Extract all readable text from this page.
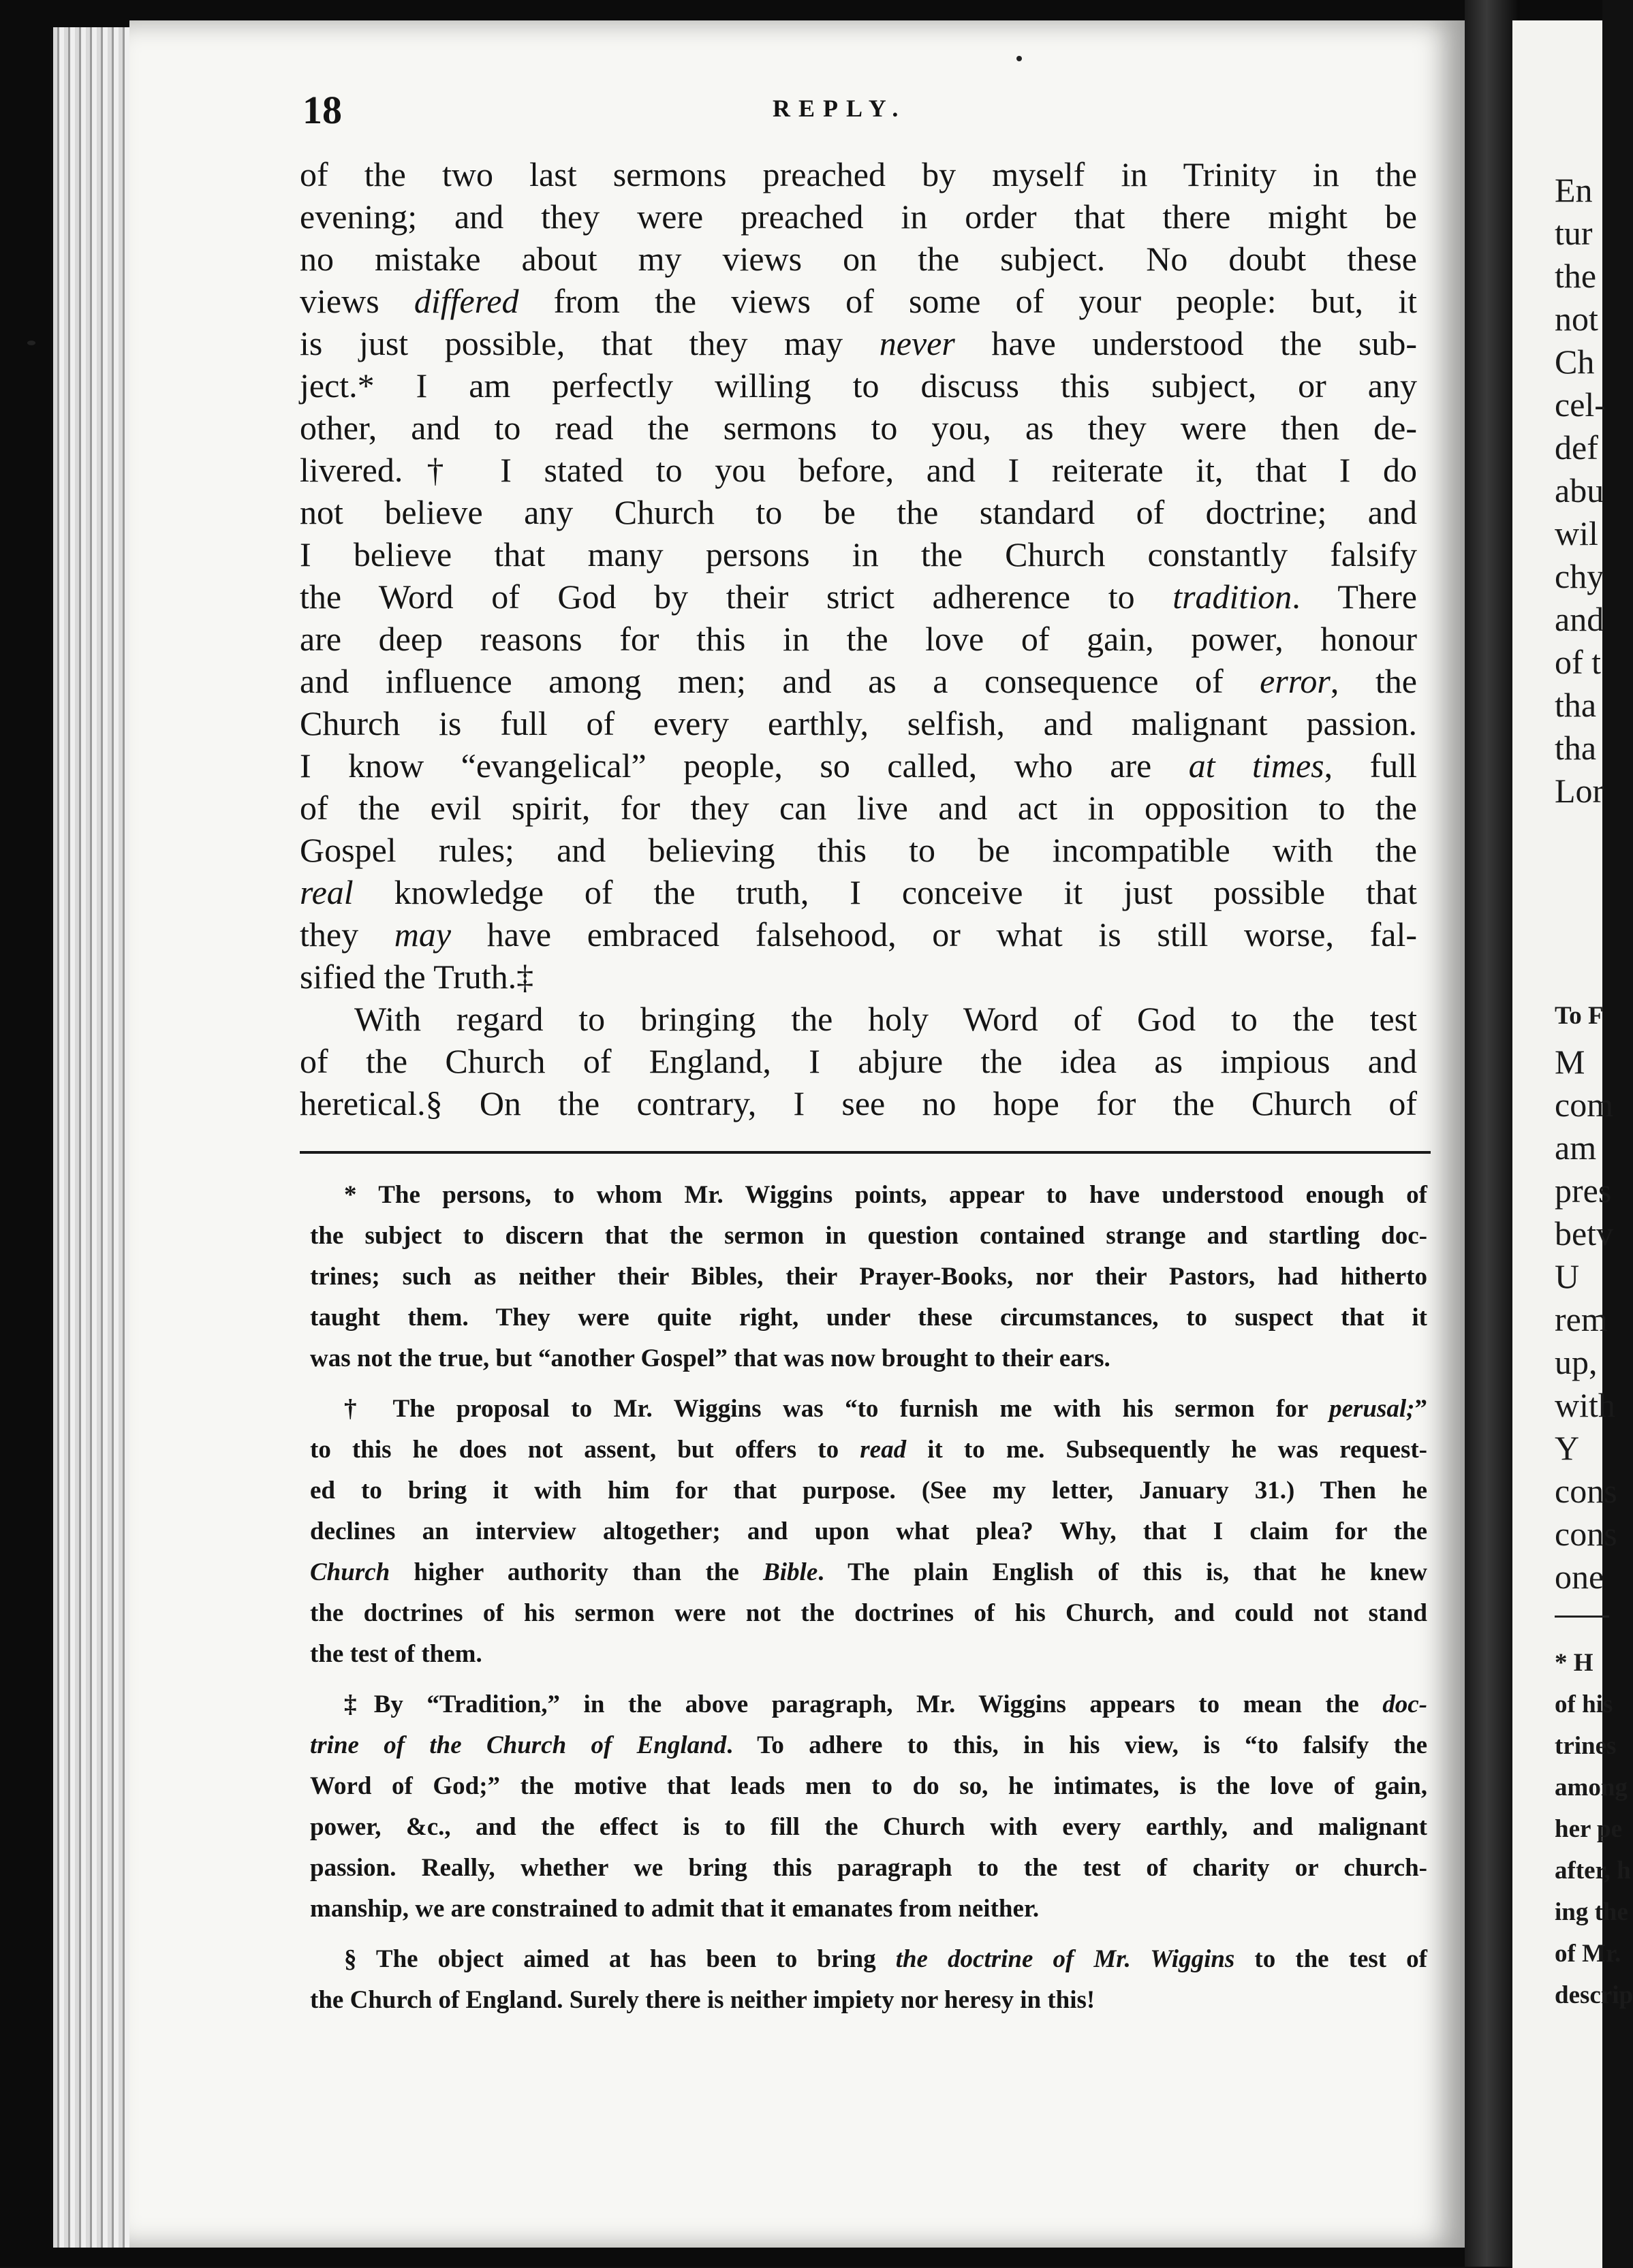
18	REPLY.
of the two last sermons preached by myself in Trinity in the
evening; and they were preached in order that there might be
no mistake about my views on the subject. No doubt these
views differed from the views of some of your people: but, it
is just possible, that they may never have understood the sub-
ject.* I am perfectly willing to discuss this subject, or any
other, and to read the sermons to you, as they were then de-
livered.† I stated to you before, and I reiterate it, that I do
not believe any Church to be the standard of doctrine; and
I believe that many persons in the Church constantly falsify
the Word of God by their strict adherence to tradition. There
are deep reasons for this in the love of gain, power, honour
and influence among men; and as a consequence of error, the
Church is full of every earthly, selfish, and malignant passion.
I know “evangelical” people, so called, who are at times, full
of the evil spirit, for they can live and act in opposition to the
Gospel rules; and believing this to be incompatible with the
real knowledge of the truth, I conceive it just possible that
they may have embraced falsehood, or what is still worse, fal-
sified the Truth.‡
With regard to bringing the holy Word of God to the test
of the Church of England, I abjure the idea as impious and
heretical.§ On the contrary, I see no hope for the Church of
* The persons, to whom Mr. Wiggins points, appear to have understood enough of
the subject to discern that the sermon in question contained strange and startling doc-
trines; such as neither their Bibles, their Prayer-Books, nor their Pastors, had hitherto
taught them. They were quite right, under these circumstances, to suspect that it
was not the true, but “another Gospel” that was now brought to their ears.
† The proposal to Mr. Wiggins was “to furnish me with his sermon for perusal;”
to this he does not assent, but offers to read it to me. Subsequently he was request-
ed to bring it with him for that purpose. (See my letter, January 31.) Then he
declines an interview altogether; and upon what plea? Why, that I claim for the
Church higher authority than the Bible. The plain English of this is, that he knew
the doctrines of his sermon were not the doctrines of his Church, and could not stand
the test of them.
‡By “Tradition,” in the above paragraph, Mr. Wiggins appears to mean the doc-
trine of the Church of England. To adhere to this, in his view, is “to falsify the
Word of God;” the motive that leads men to do so, he intimates, is the love of gain,
power, &c., and the effect is to fill the Church with every earthly, and malignant
passion. Really, whether we bring this paragraph to the test of charity or church-
manship, we are constrained to admit that it emanates from neither.
§ The object aimed at has been to bring the doctrine of Mr. Wiggins to the test of
the Church of England. Surely there is neither impiety nor heresy in this!
En
tur
the
not
Ch
cel-
def
abu
wil
chy
and
of t
tha
tha
Lor
To F
M
com
am
pres
betv
U
rem
up,
with
Y
cons
cons
one
* H
of his
trines
among
her pe
after, h
ing the
of Mr.
descrip
